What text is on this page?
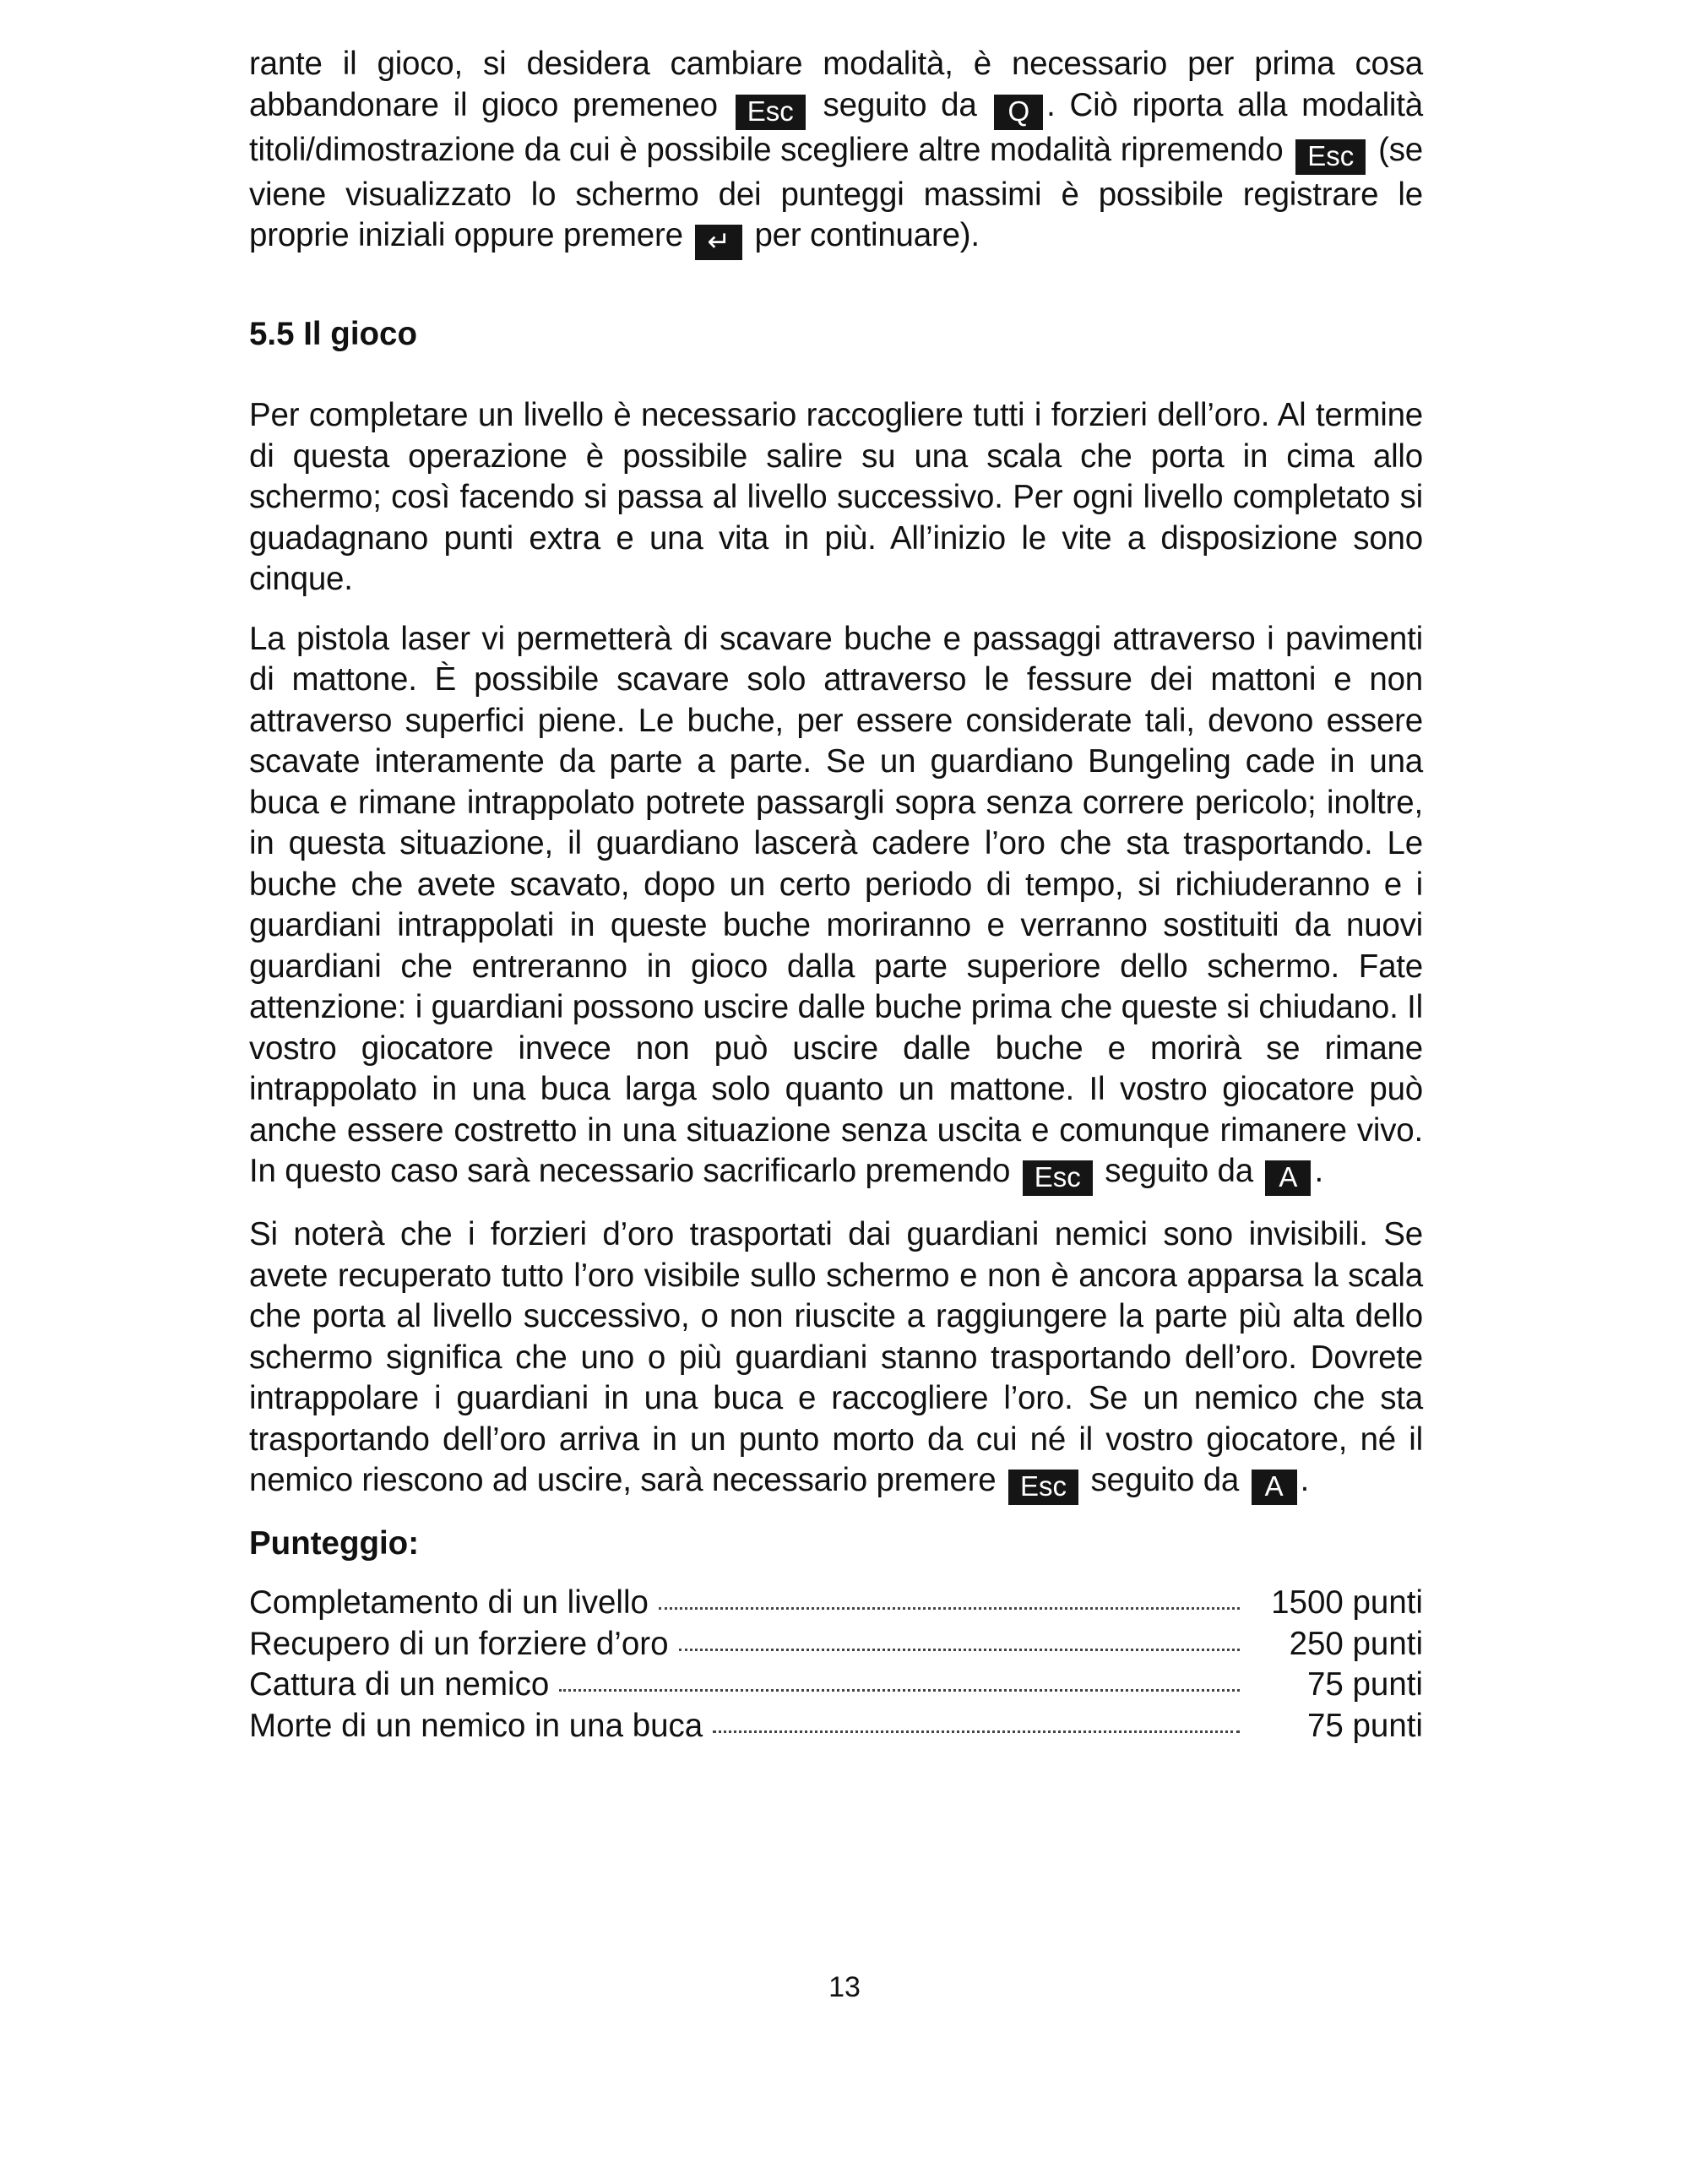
rante il gioco, si desidera cambiare modalità, è necessario per prima cosa abbandonare il gioco premeneo Esc seguito da Q . Ciò riporta alla modalità titoli/dimostrazione da cui è possibile scegliere altre modalità ripremendo Esc (se viene visualizzato lo schermo dei punteggi massimi è possibile registrare le proprie iniziali oppure premere ↵ per continuare).

5.5 Il gioco

Per completare un livello è necessario raccogliere tutti i forzieri dell’oro. Al termine di questa operazione è possibile salire su una scala che porta in cima allo schermo; così facendo si passa al livello successivo. Per ogni livello completato si guadagnano punti extra e una vita in più. All’inizio le vite a disposizione sono cinque.

La pistola laser vi permetterà di scavare buche e passaggi attraverso i pavimenti di mattone. È possibile scavare solo attraverso le fessure dei mattoni e non attraverso superfici piene. Le buche, per essere considerate tali, devono essere scavate interamente da parte a parte. Se un guardiano Bungeling cade in una buca e rimane intrappolato potrete passargli sopra senza correre pericolo; inoltre, in questa situazione, il guardiano lascerà cadere l’oro che sta trasportando. Le buche che avete scavato, dopo un certo periodo di tempo, si richiuderanno e i guardiani intrappolati in queste buche moriranno e verranno sostituiti da nuovi guardiani che entreranno in gioco dalla parte superiore dello schermo. Fate attenzione: i guardiani possono uscire dalle buche prima che queste si chiudano. Il vostro giocatore invece non può uscire dalle buche e morirà se rimane intrappolato in una buca larga solo quanto un mattone. Il vostro giocatore può anche essere costretto in una situazione senza uscita e comunque rimanere vivo. In questo caso sarà necessario sacrificarlo premendo Esc seguito da A .

Si noterà che i forzieri d’oro trasportati dai guardiani nemici sono invisibili. Se avete recuperato tutto l’oro visibile sullo schermo e non è ancora apparsa la scala che porta al livello successivo, o non riuscite a raggiungere la parte più alta dello schermo significa che uno o più guardiani stanno trasportando dell’oro. Dovrete intrappolare i guardiani in una buca e raccogliere l’oro. Se un nemico che sta trasportando dell’oro arriva in un punto morto da cui né il vostro giocatore, né il nemico riescono ad uscire, sarà necessario premere Esc seguito da A .

Punteggio:
Completamento di un livello	1500 punti
Recupero di un forziere d’oro	250 punti
Cattura di un nemico	75 punti
Morte di un nemico in una buca	75 punti
13
